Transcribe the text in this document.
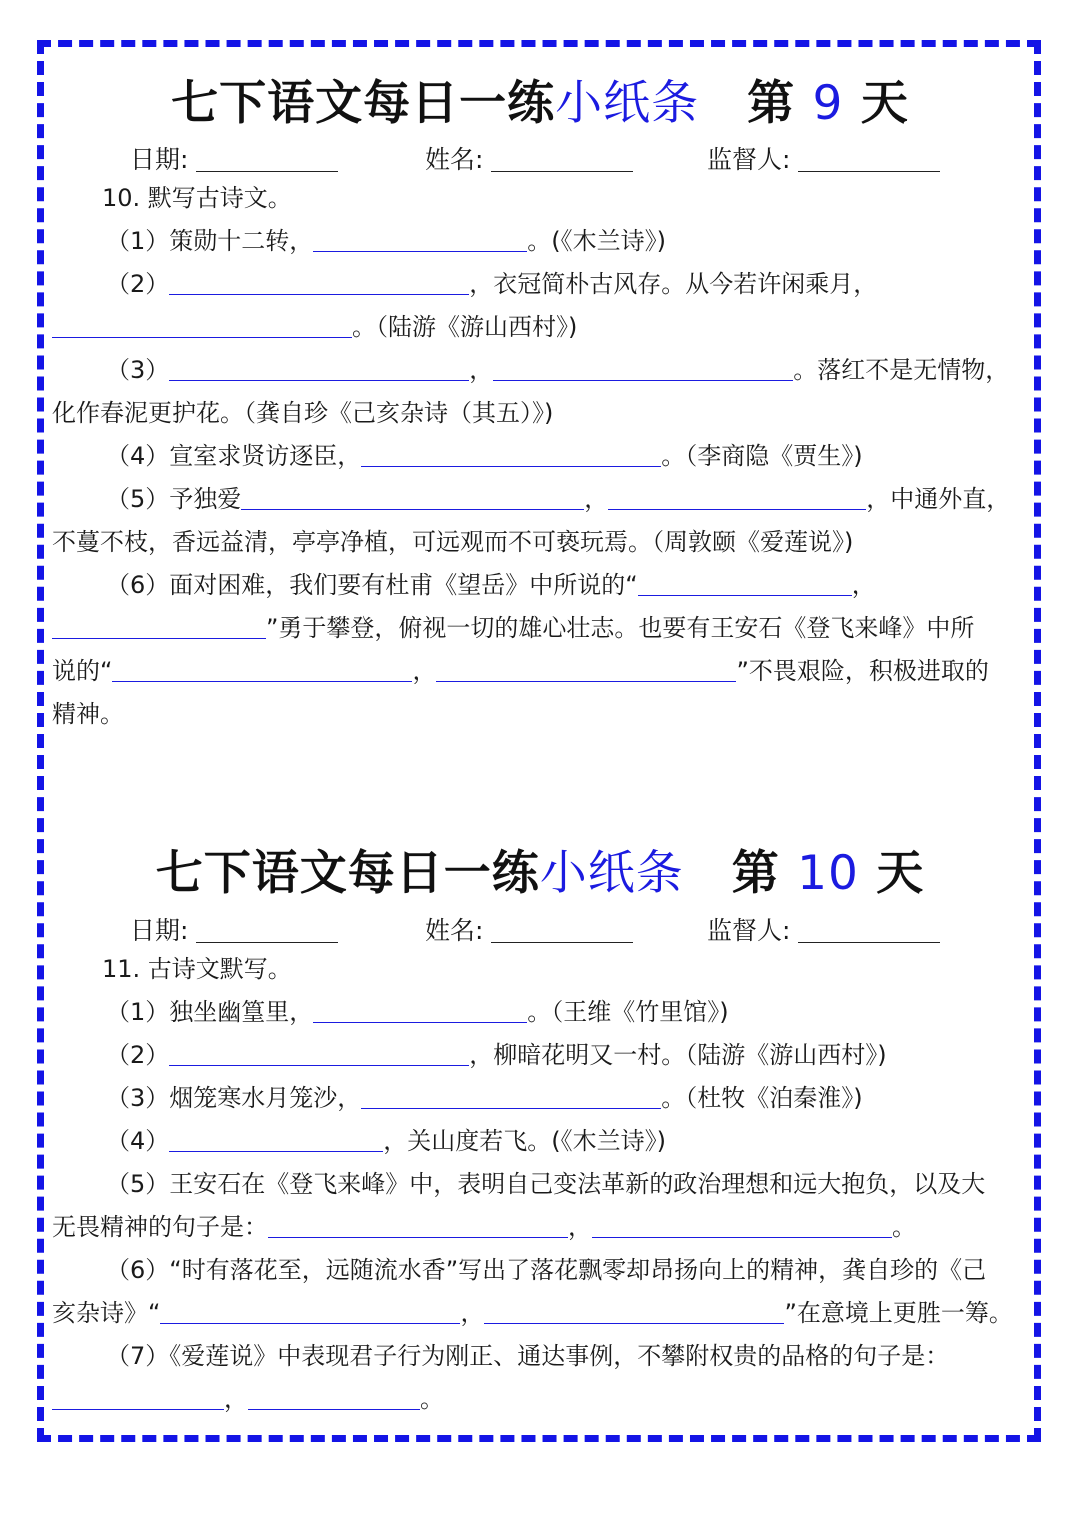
七下语文每日一练小纸条 第 9 天
日期:	姓名:	监督人:
10. 默写古诗文。
（1）策勋十二转，	。(《木兰诗》)
（2）	，衣冠简朴古风存。从今若许闲乘月，
。（陆游《游山西村》)
（3）	，	。落红不是无情物，
化作春泥更护花。（龚自珍《己亥杂诗（其五）》)
（4）宣室求贤访逐臣，	。（李商隐《贾生》)
（5）予独爱	，	，中通外直，
不蔓不枝，香远益清，亭亭净植，可远观而不可亵玩焉。（周敦颐《爱莲说》)
（6）面对困难，我们要有杜甫《望岳》中所说的“	，
”勇于攀登，俯视一切的雄心壮志。也要有王安石《登飞来峰》中所
说的“	，	”不畏艰险，积极进取的
精神。
七下语文每日一练小纸条 第 10 天
日期:	姓名:	监督人:
11. 古诗文默写。
（1）独坐幽篁里，	。（王维《竹里馆》)
（2）	，柳暗花明又一村。（陆游《游山西村》)
（3）烟笼寒水月笼沙，	。（杜牧《泊秦淮》)
（4）	，关山度若飞。(《木兰诗》)
（5）王安石在《登飞来峰》中，表明自己变法革新的政治理想和远大抱负，以及大
无畏精神的句子是：	，	。
（6）“时有落花至，远随流水香”写出了落花飘零却昂扬向上的精神，龚自珍的《己
亥杂诗》“	，	”在意境上更胜一筹。
（7）《爱莲说》中表现君子行为刚正、通达事例，不攀附权贵的品格的句子是：
，	。
